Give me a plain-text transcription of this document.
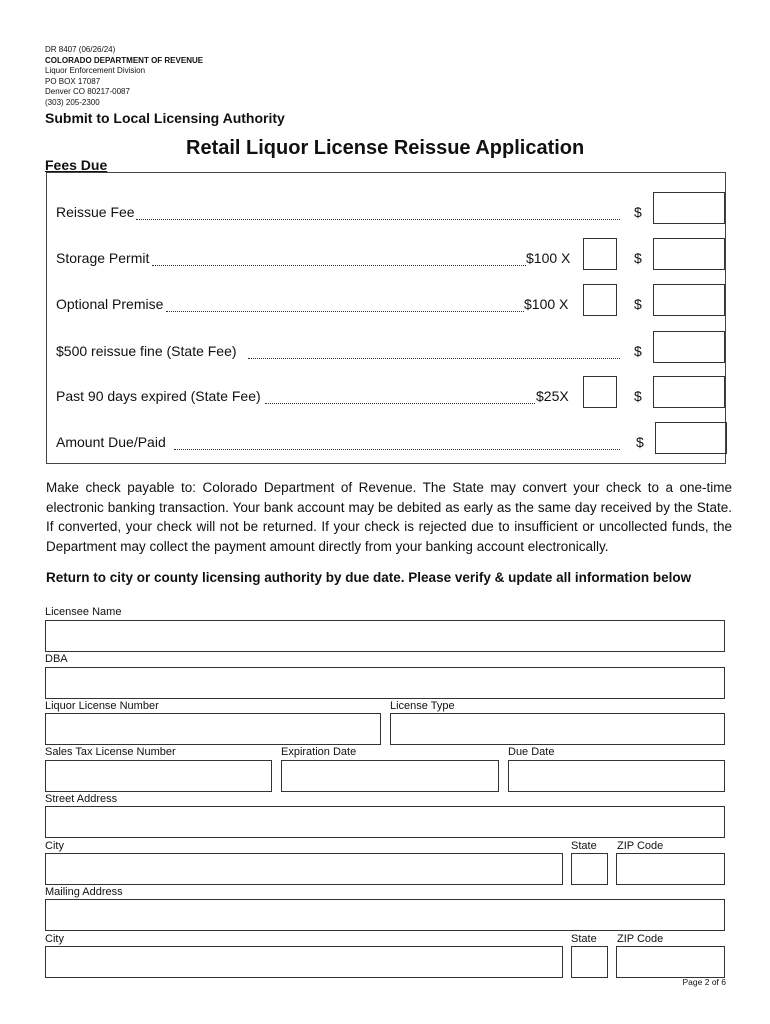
DR 8407 (06/26/24)
COLORADO DEPARTMENT OF REVENUE
Liquor Enforcement Division
PO BOX 17087
Denver CO 80217-0087
(303) 205-2300
Submit to Local Licensing Authority
Retail Liquor License Reissue Application
Fees Due
Reissue Fee	$
Storage Permit	$100 X	$
Optional Premise	$100 X	$
$500 reissue fine (State Fee)	$
Past 90 days expired (State Fee)	$25X	$
Amount Due/Paid	$
Make check payable to: Colorado Department of Revenue. The State may convert your check to a one-time electronic banking transaction. Your bank account may be debited as early as the same day received by the State. If converted, your check will not be returned. If your check is rejected due to insufficient or uncollected funds, the Department may collect the payment amount directly from your banking account electronically.
Return to city or county licensing authority by due date. Please verify & update all information below
Licensee Name
DBA
Liquor License Number	License Type
Sales Tax License Number	Expiration Date	Due Date
Street Address
City	State ZIP Code
Mailing Address
City	State ZIP Code
Page 2 of 6
